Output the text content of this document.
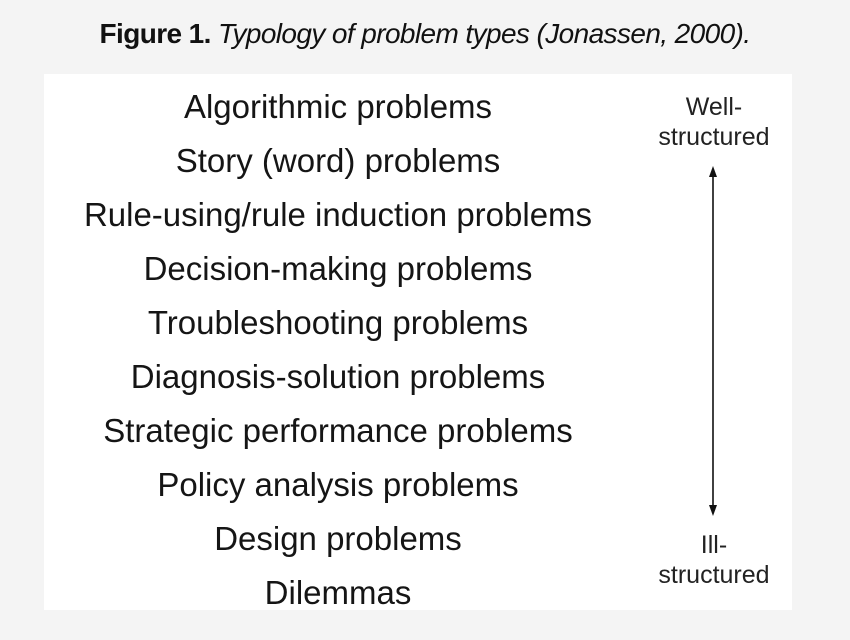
Figure 1. Typology of problem types (Jonassen, 2000).
Algorithmic problems
Story (word) problems
Rule-using/rule induction problems
Decision-making problems
Troubleshooting problems
Diagnosis-solution problems
Strategic performance problems
Policy analysis problems
Design problems
Dilemmas
Well-
structured
Ill-
structured
